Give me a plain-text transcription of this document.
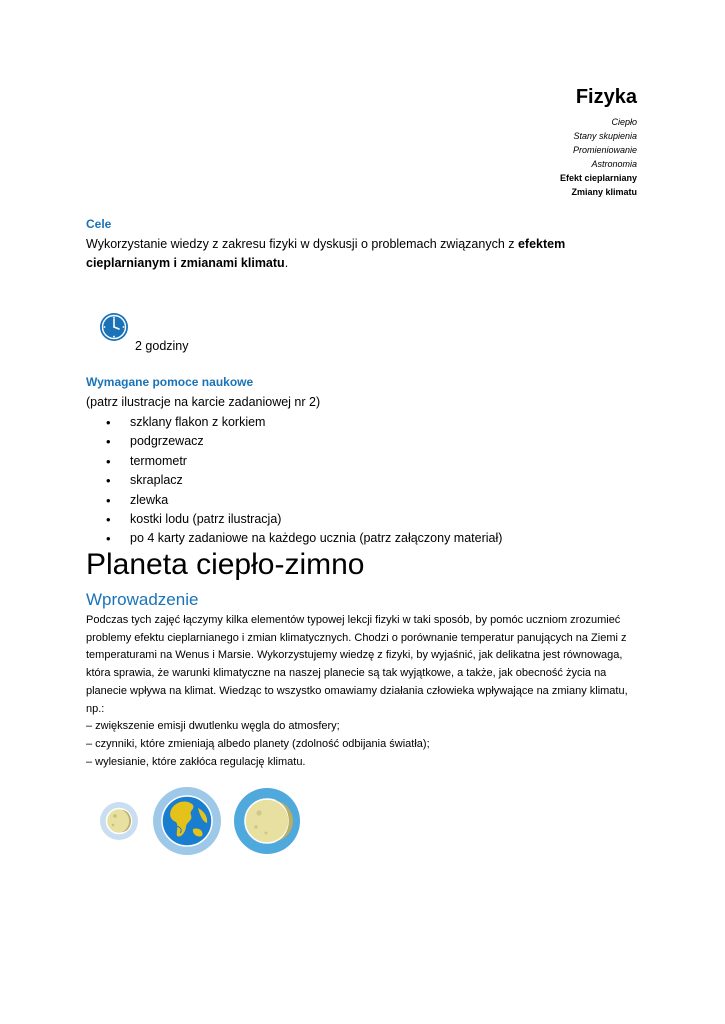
Fizyka
Ciepło
Stany skupienia
Promieniowanie
Astronomia
Efekt cieplarniany
Zmiany klimatu
Cele
Wykorzystanie wiedzy z zakresu fizyki w dyskusji o problemach związanych z efektem cieplarnianym i zmianami klimatu.
2 godziny
Wymagane pomoce naukowe
(patrz ilustracje na karcie zadaniowej nr 2)
• szklany flakon z korkiem
• podgrzewacz
• termometr
• skraplacz
• zlewka
• kostki lodu (patrz ilustracja)
• po 4 karty zadaniowe na każdego ucznia (patrz załączony materiał)
Planeta ciepło-zimno
Wprowadzenie
Podczas tych zajęć łączymy kilka elementów typowej lekcji fizyki w taki sposób, by pomóc uczniom zrozumieć
problemy efektu cieplarnianego i zmian klimatycznych. Chodzi o porównanie temperatur panujących na Ziemi z
temperaturami na Wenus i Marsie. Wykorzystujemy wiedzę z fizyki, by wyjaśnić, jak delikatna jest równowaga,
która sprawia, że warunki klimatyczne na naszej planecie są tak wyjątkowe, a także, jak obecność życia na
planecie wpływa na klimat. Wiedząc to wszystko omawiamy działania człowieka wpływające na zmiany klimatu,
np.:
– zwiększenie emisji dwutlenku węgla do atmosfery;
– czynniki, które zmieniają albedo planety (zdolność odbijania światła);
– wylesianie, które zakłóca regulację klimatu.
